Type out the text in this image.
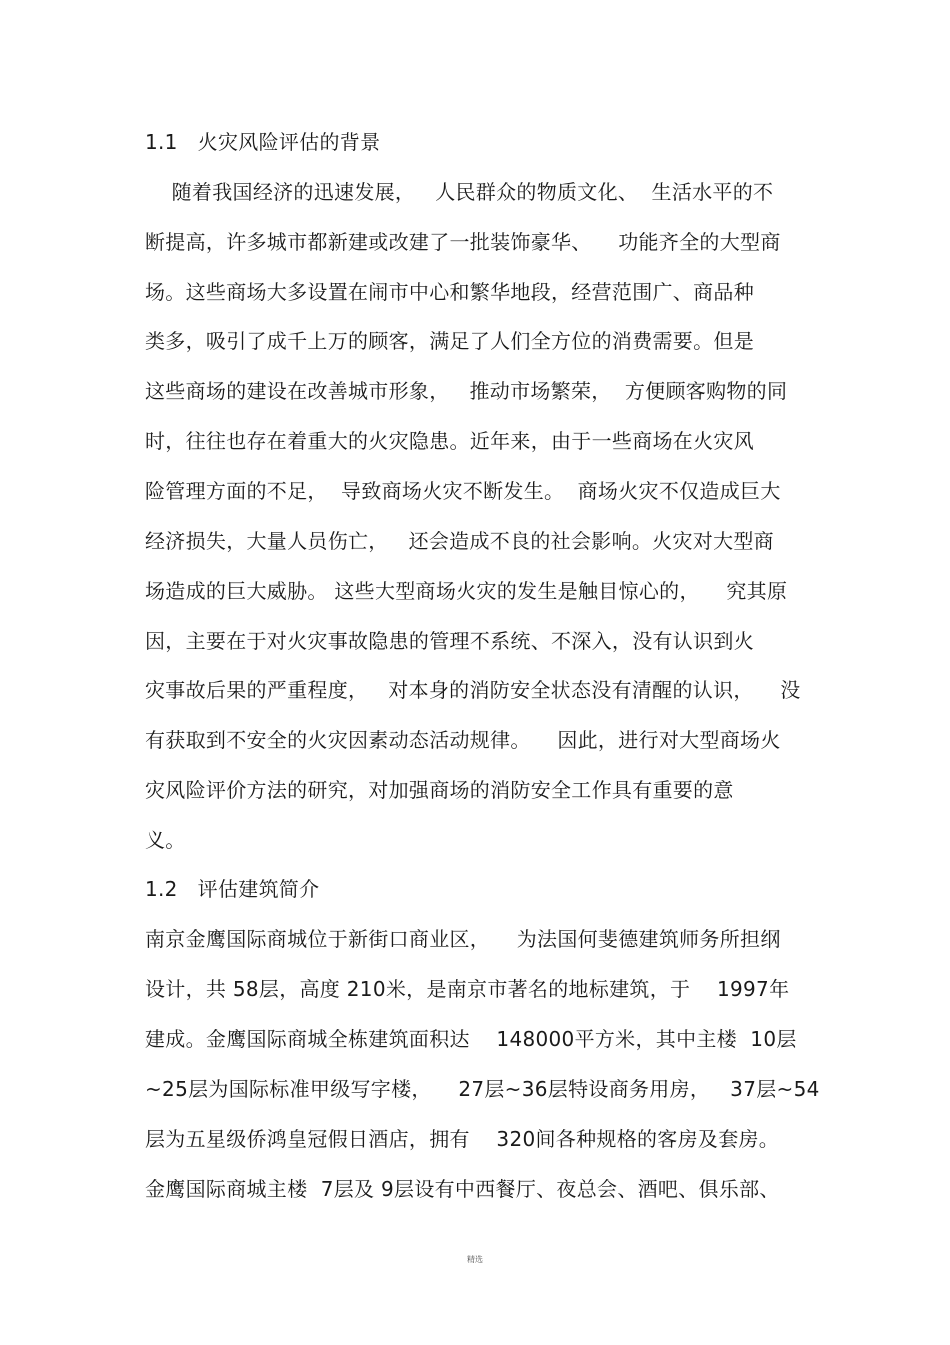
1.1   火灾风险评估的背景
随着我国经济的迅速发展，   人民群众的物质文化、  生活水平的不
断提高，许多城市都新建或改建了一批装饰豪华、    功能齐全的大型商
场。这些商场大多设置在闹市中心和繁华地段，经营范围广、商品种
类多，吸引了成千上万的顾客，满足了人们全方位的消费需要。但是
这些商场的建设在改善城市形象，   推动市场繁荣，  方便顾客购物的同
时，往往也存在着重大的火灾隐患。近年来，由于一些商场在火灾风
险管理方面的不足，  导致商场火灾不断发生。  商场火灾不仅造成巨大
经济损失，大量人员伤亡，   还会造成不良的社会影响。火灾对大型商
场造成的巨大威胁。 这些大型商场火灾的发生是触目惊心的，    究其原
因，主要在于对火灾事故隐患的管理不系统、不深入，没有认识到火
灾事故后果的严重程度，   对本身的消防安全状态没有清醒的认识，    没
有获取到不安全的火灾因素动态活动规律。    因此，进行对大型商场火
灾风险评价方法的研究，对加强商场的消防安全工作具有重要的意
义。
1.2   评估建筑简介
南京金鹰国际商城位于新街口商业区，    为法国何斐德建筑师务所担纲
设计，共 58层，高度 210米，是南京市著名的地标建筑，于    1997年
建成。金鹰国际商城全栋建筑面积达    148000平方米，其中主楼  10层
~25层为国际标准甲级写字楼，    27层~36层特设商务用房，   37层~54
层为五星级侨鸿皇冠假日酒店，拥有    320间各种规格的客房及套房。
金鹰国际商城主楼  7层及 9层设有中西餐厅、夜总会、酒吧、俱乐部、
精选
